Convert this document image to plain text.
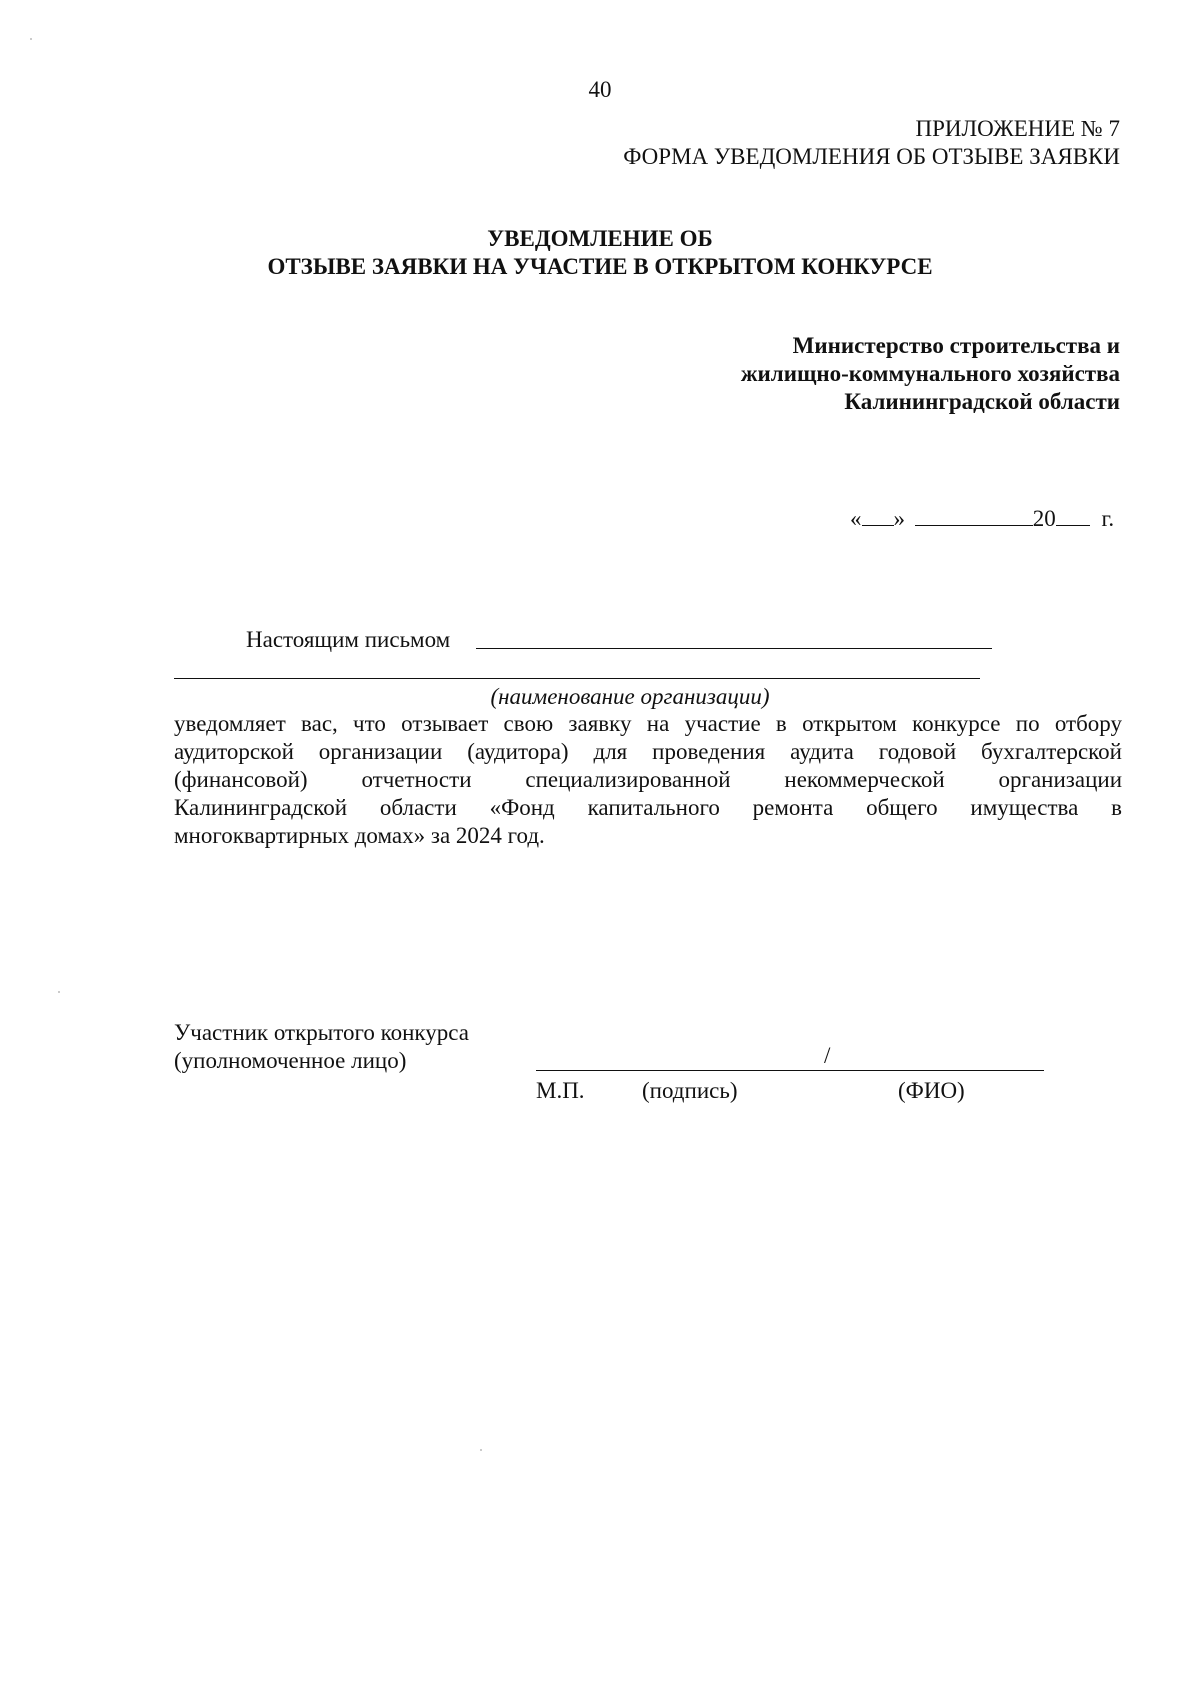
40
ПРИЛОЖЕНИЕ № 7
ФОРМА УВЕДОМЛЕНИЯ ОБ ОТЗЫВЕ ЗАЯВКИ
УВЕДОМЛЕНИЕ ОБ
ОТЗЫВЕ ЗАЯВКИ НА УЧАСТИЕ В ОТКРЫТОМ КОНКУРСЕ
Министерство строительства и
жилищно-коммунального хозяйства
Калининградской области
« »	20 г.
Настоящим письмом
(наименование организации)
уведомляет вас, что отзывает свою заявку на участие в открытом конкурсе по отбору
аудиторской организации (аудитора) для проведения аудита годовой бухгалтерской
(финансовой) отчетности специализированной некоммерческой организации
Калининградской области «Фонд капитального ремонта общего имущества в
многоквартирных домах» за 2024 год.
Участник открытого конкурса
(уполномоченное лицо)	/
М.П. (подпись)	(ФИО)
